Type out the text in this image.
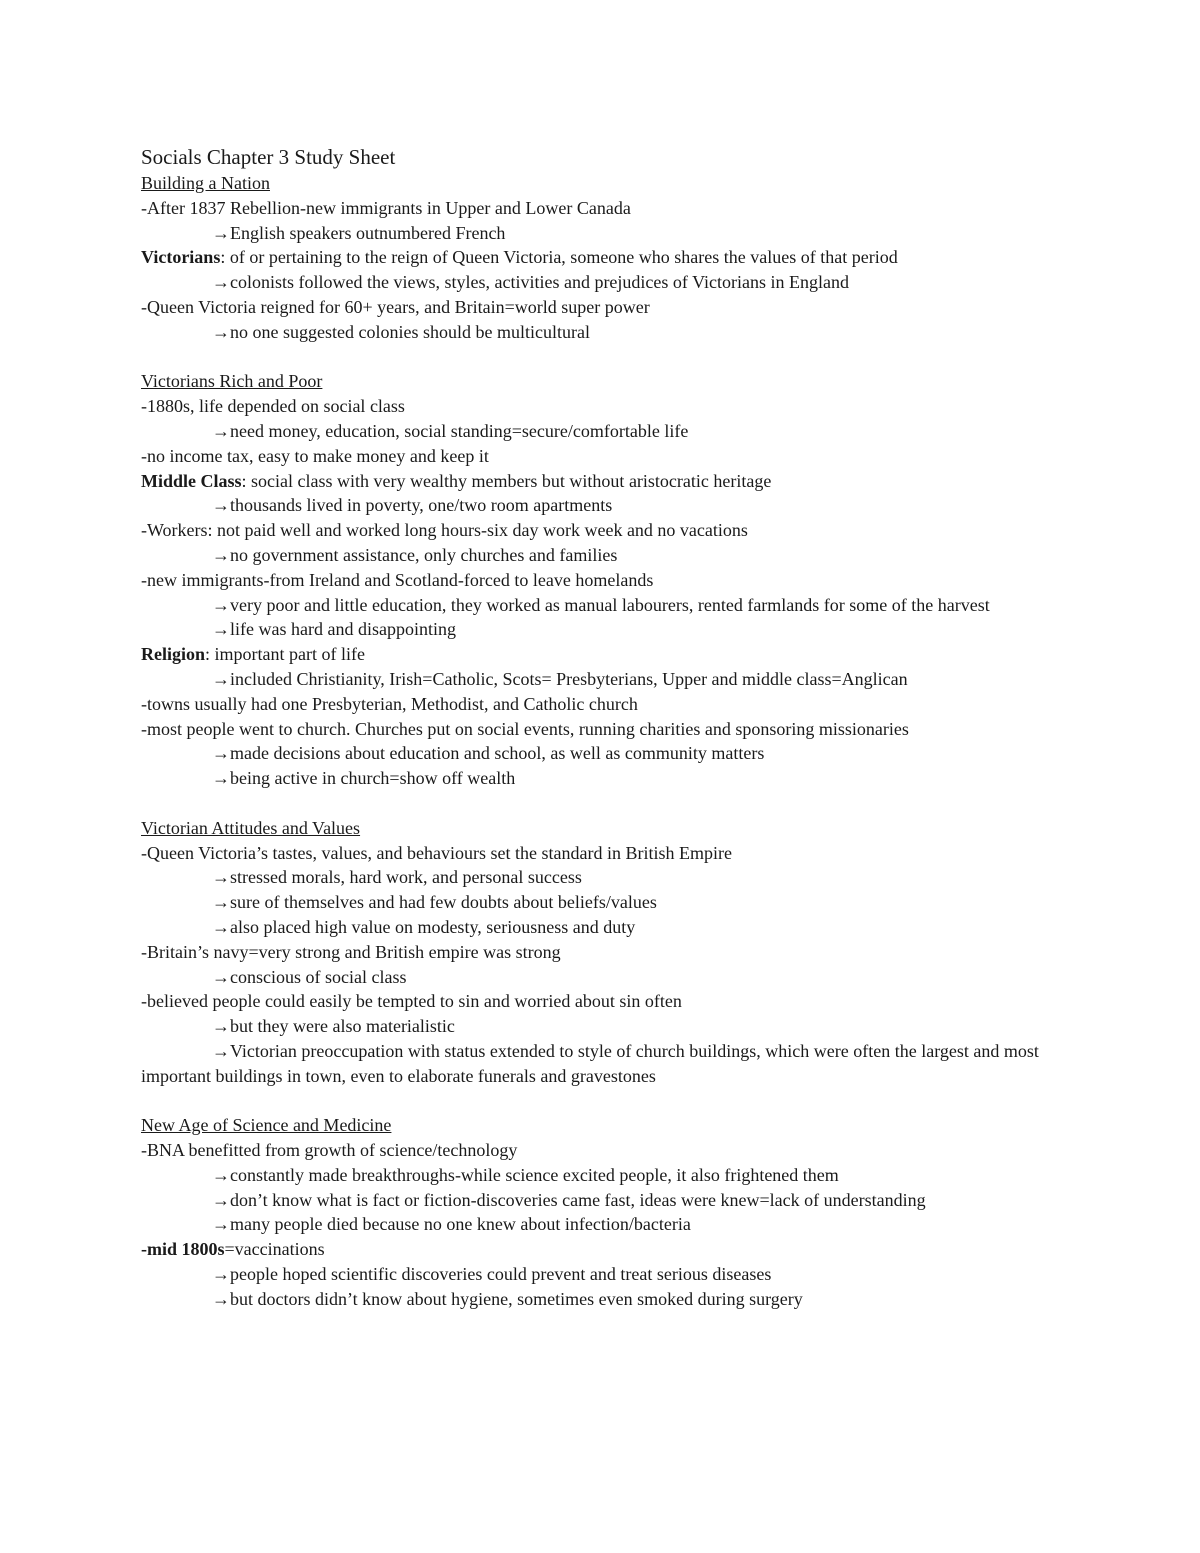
Socials Chapter 3 Study Sheet

Building a Nation

-After 1837 Rebellion-new immigrants in Upper and Lower Canada

→English speakers outnumbered French

Victorians: of or pertaining to the reign of Queen Victoria, someone who shares the values of that period

→colonists followed the views, styles, activities and prejudices of Victorians in England

-Queen Victoria reigned for 60+ years, and Britain=world super power

→no one suggested colonies should be multicultural

Victorians Rich and Poor

-1880s, life depended on social class

→need money, education, social standing=secure/comfortable life

-no income tax, easy to make money and keep it

Middle Class: social class with very wealthy members but without aristocratic heritage

→thousands lived in poverty, one/two room apartments

-Workers: not paid well and worked long hours-six day work week and no vacations

→no government assistance, only churches and families

-new immigrants-from Ireland and Scotland-forced to leave homelands

→very poor and little education, they worked as manual labourers, rented farmlands for some of the harvest

→life was hard and disappointing

Religion: important part of life

→included Christianity, Irish=Catholic, Scots= Presbyterians, Upper and middle class=Anglican

-towns usually had one Presbyterian, Methodist, and Catholic church

-most people went to church. Churches put on social events, running charities and sponsoring missionaries

→made decisions about education and school, as well as community matters

→being active in church=show off wealth

Victorian Attitudes and Values

-Queen Victoria’s tastes, values, and behaviours set the standard in British Empire

→stressed morals, hard work, and personal success

→sure of themselves and had few doubts about beliefs/values

→also placed high value on modesty, seriousness and duty

-Britain’s navy=very strong and British empire was strong

→conscious of social class

-believed people could easily be tempted to sin and worried about sin often

→but they were also materialistic

→Victorian preoccupation with status extended to style of church buildings, which were often the largest and most important buildings in town, even to elaborate funerals and gravestones

New Age of Science and Medicine

-BNA benefitted from growth of science/technology

→constantly made breakthroughs-while science excited people, it also frightened them

→don’t know what is fact or fiction-discoveries came fast, ideas were knew=lack of understanding

→many people died because no one knew about infection/bacteria

-mid 1800s=vaccinations

→people hoped scientific discoveries could prevent and treat serious diseases

→but doctors didn’t know about hygiene, sometimes even smoked during surgery
